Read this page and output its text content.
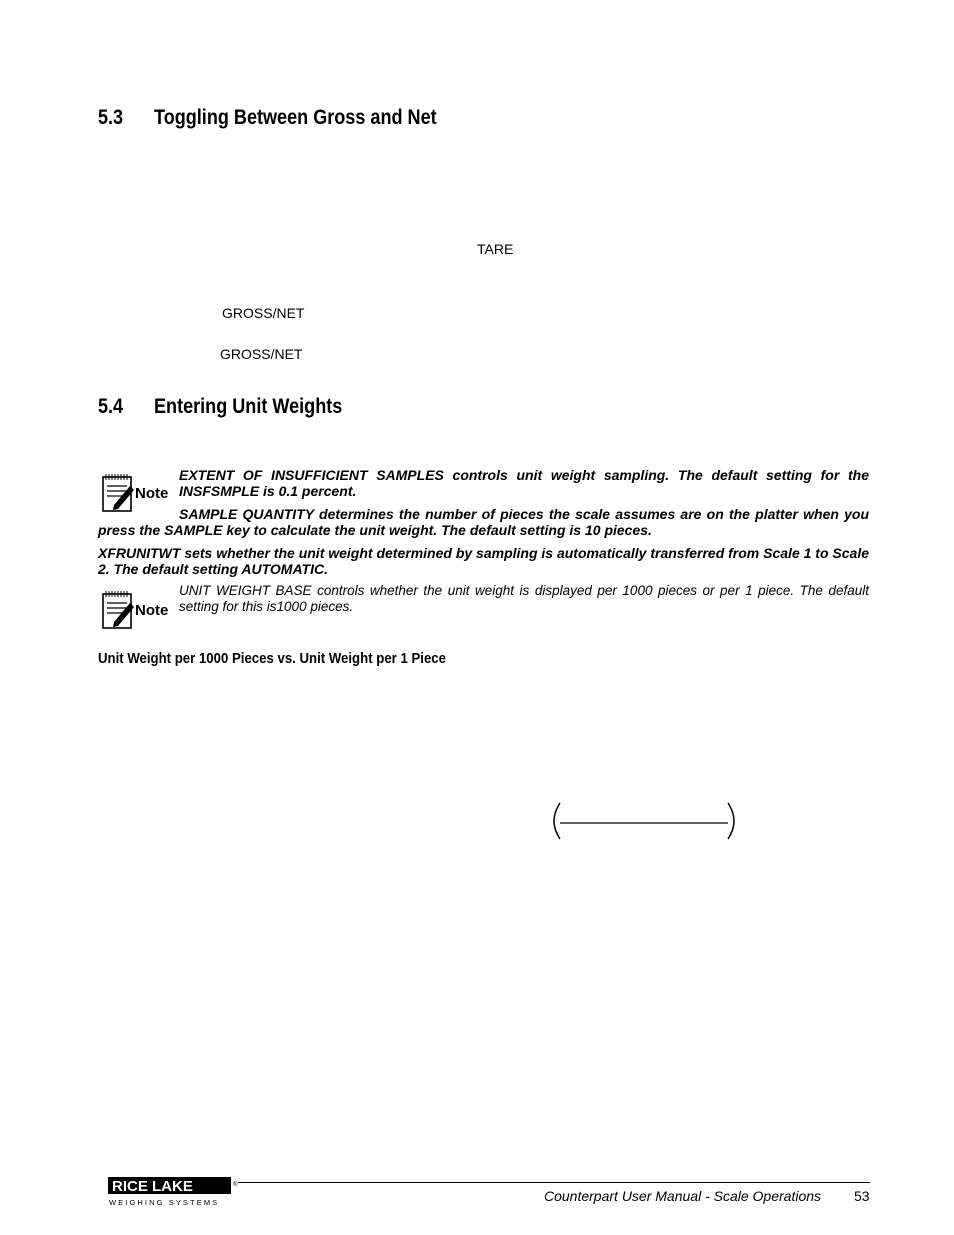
5.3 Toggling Between Gross and Net
TARE
GROSS/NET
GROSS/NET
5.4 Entering Unit Weights
Note
EXTENT OF INSUFFICIENT SAMPLES controls unit weight sampling. The default setting for the INSFSMPLE is 0.1 percent.
SAMPLE QUANTITY determines the number of pieces the scale assumes are on the platter when you press the SAMPLE key to calculate the unit weight. The default setting is 10 pieces.
XFRUNITWT sets whether the unit weight determined by sampling is automatically transferred from Scale 1 to Scale 2. The default setting AUTOMATIC.
Note
UNIT WEIGHT BASE controls whether the unit weight is displayed per 1000 pieces or per 1 piece. The default setting for this is1000 pieces.
Unit Weight per 1000 Pieces vs. Unit Weight per 1 Piece
RICE LAKE	®
WEIGHING SYSTEMS	Counterpart User Manual - Scale Operations 53
